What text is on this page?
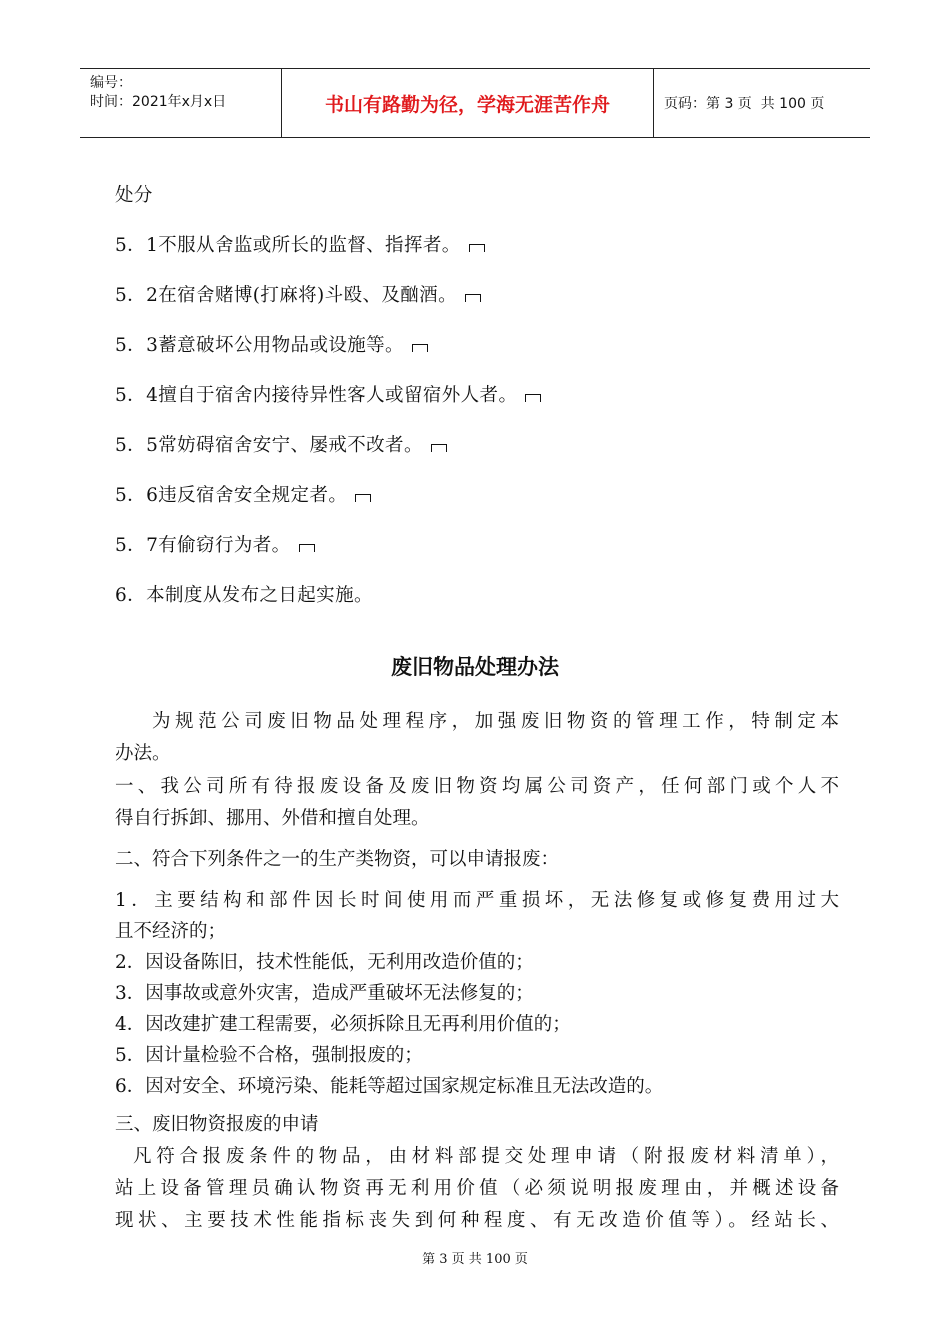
编号：
时间：2021年x月x日	书山有路勤为径，学海无涯苦作舟	页码：第 3 页  共 100 页
处分
5．1不服从舍监或所长的监督、指挥者。
5．2在宿舍赌博(打麻将)斗殴、及酗酒。
5．3蓄意破坏公用物品或设施等。
5．4擅自于宿舍内接待异性客人或留宿外人者。
5．5常妨碍宿舍安宁、屡戒不改者。
5．6违反宿舍安全规定者。
5．7有偷窃行为者。
6．本制度从发布之日起实施。
废旧物品处理办法
为规范公司废旧物品处理程序，加强废旧物资的管理工作，特制定本
办法。
一、我公司所有待报废设备及废旧物资均属公司资产，任何部门或个人不
得自行拆卸、挪用、外借和擅自处理。
二、符合下列条件之一的生产类物资，可以申请报废：
1．主要结构和部件因长时间使用而严重损坏，无法修复或修复费用过大
且不经济的；
2．因设备陈旧，技术性能低，无利用改造价值的；
3．因事故或意外灾害，造成严重破坏无法修复的；
4．因改建扩建工程需要，必须拆除且无再利用价值的；
5．因计量检验不合格，强制报废的；
6．因对安全、环境污染、能耗等超过国家规定标准且无法改造的。
三、废旧物资报废的申请
凡符合报废条件的物品，由材料部提交处理申请（附报废材料清单），
站上设备管理员确认物资再无利用价值（必须说明报废理由，并概述设备
现状、主要技术性能指标丧失到何种程度、有无改造价值等）。经站长、
第 3 页 共 100 页
